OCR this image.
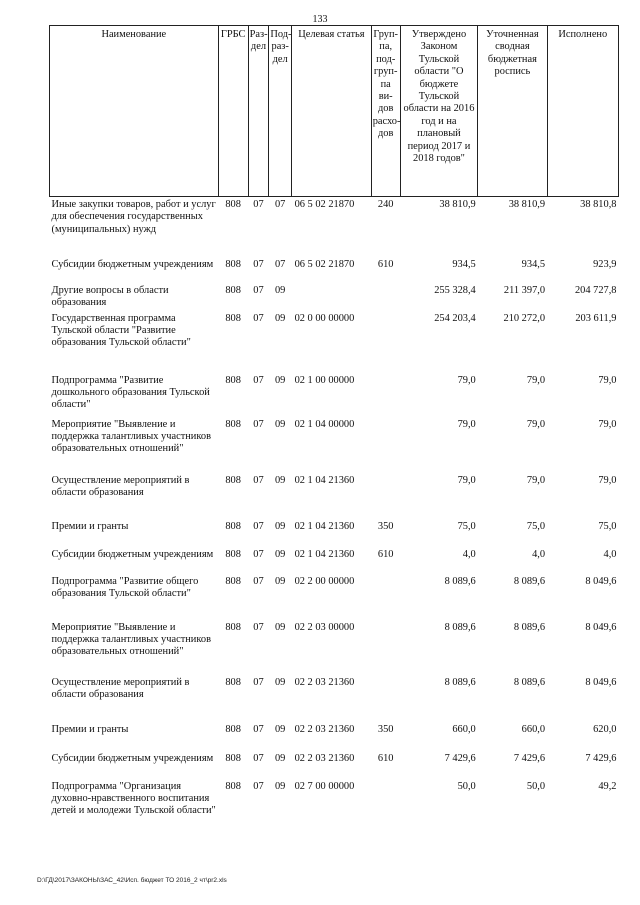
133
Наименование	ГРБС	Раз-дел	Под-раз-дел	Целевая статья	Груп-па, под-груп-па ви-дов расхо-дов	Утверждено Законом Тульской области "О бюджете Тульской области на 2016 год и на плановый период 2017 и 2018 годов"	Уточненная сводная бюджетная роспись	Исполнено
Иные закупки товаров, работ и услуг для обеспечения государственных (муниципальных) нужд	808	07	07	06 5 02 21870	240	38 810,9	38 810,9	38 810,8
Субсидии бюджетным учреждениям	808	07	07	06 5 02 21870	610	934,5	934,5	923,9
Другие вопросы в области образования	808	07	09			255 328,4	211 397,0	204 727,8
Государственная программа Тульской области "Развитие образования Тульской области"	808	07	09	02 0 00 00000		254 203,4	210 272,0	203 611,9
Подпрограмма "Развитие дошкольного образования Тульской области"	808	07	09	02 1 00 00000		79,0	79,0	79,0
Мероприятие "Выявление и поддержка талантливых участников образовательных отношений"	808	07	09	02 1 04 00000		79,0	79,0	79,0
Осуществление мероприятий в области образования	808	07	09	02 1 04 21360		79,0	79,0	79,0
Премии и гранты	808	07	09	02 1 04 21360	350	75,0	75,0	75,0
Субсидии бюджетным учреждениям	808	07	09	02 1 04 21360	610	4,0	4,0	4,0
Подпрограмма "Развитие общего образования Тульской области"	808	07	09	02 2 00 00000		8 089,6	8 089,6	8 049,6
Мероприятие "Выявление и поддержка талантливых участников образовательных отношений"	808	07	09	02 2 03 00000		8 089,6	8 089,6	8 049,6
Осуществление мероприятий в области образования	808	07	09	02 2 03 21360		8 089,6	8 089,6	8 049,6
Премии и гранты	808	07	09	02 2 03 21360	350	660,0	660,0	620,0
Субсидии бюджетным учреждениям	808	07	09	02 2 03 21360	610	7 429,6	7 429,6	7 429,6
Подпрограмма "Организация духовно-нравственного воспитания детей и молодежи Тульской области"	808	07	09	02 7 00 00000		50,0	50,0	49,2
D:\ГД\2017\ЗАКОНЫ\ЗАС_42\Исп. бюджет ТО 2016_2 чт\pr2.xls
